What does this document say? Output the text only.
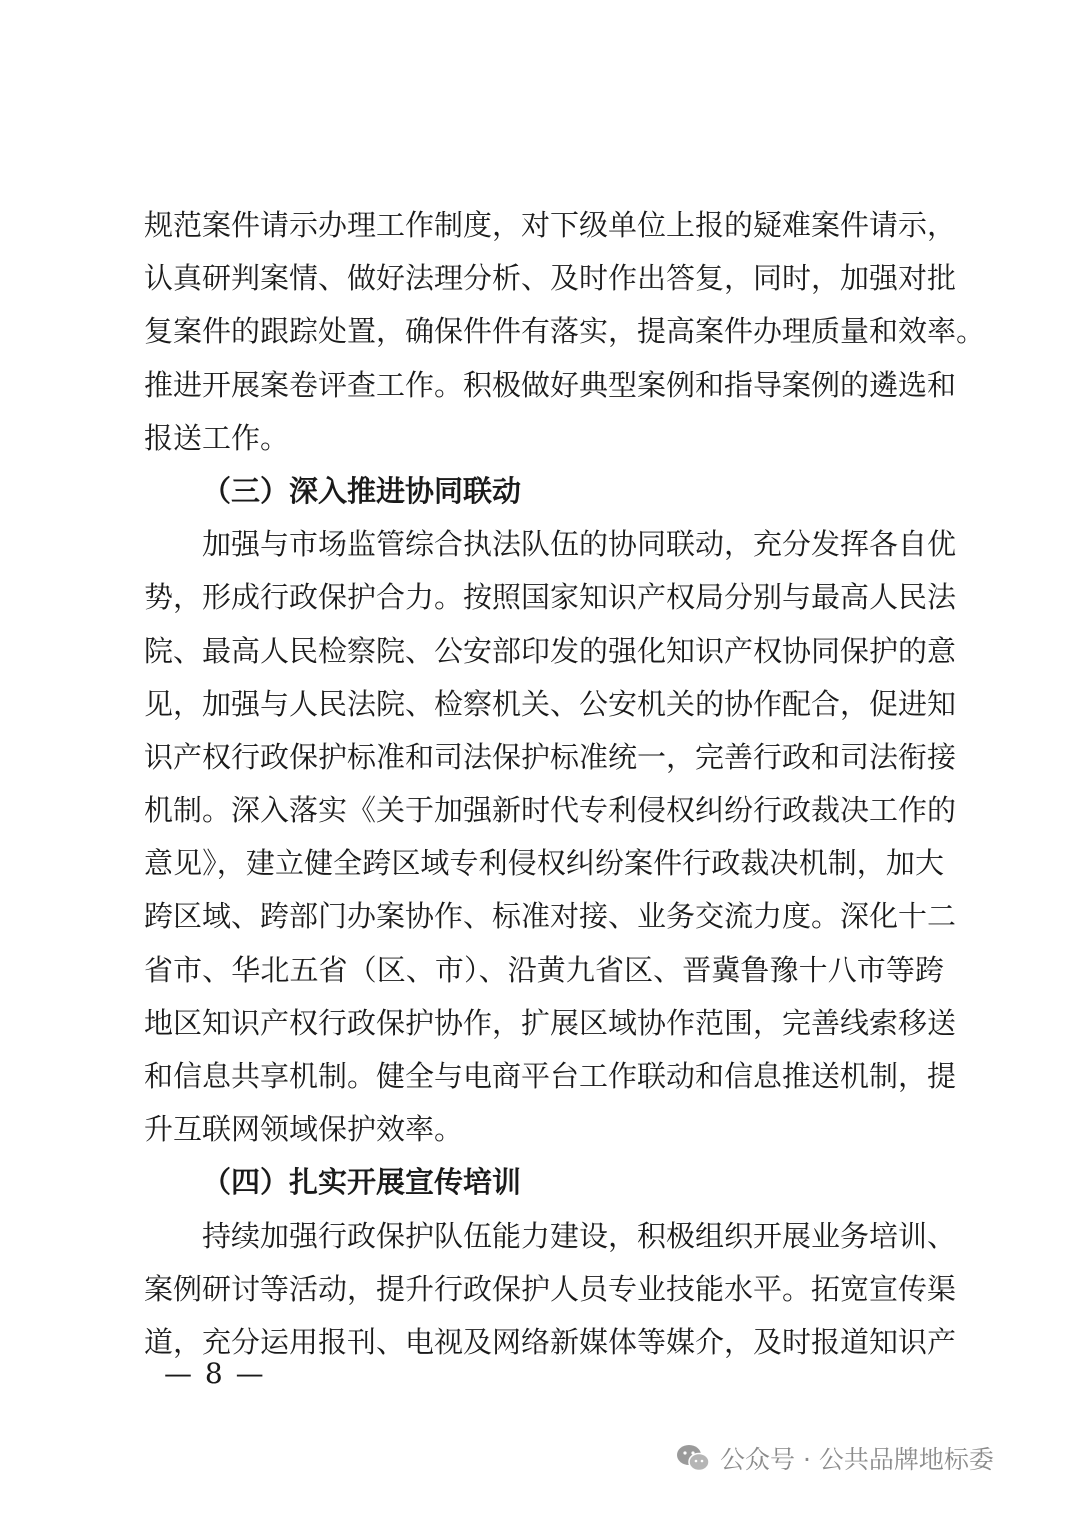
规范案件请示办理工作制度，对下级单位上报的疑难案件请示，
认真研判案情、做好法理分析、及时作出答复，同时，加强对批
复案件的跟踪处置，确保件件有落实，提高案件办理质量和效率。
推进开展案卷评查工作。积极做好典型案例和指导案例的遴选和
报送工作。
（三）深入推进协同联动
加强与市场监管综合执法队伍的协同联动，充分发挥各自优
势，形成行政保护合力。按照国家知识产权局分别与最高人民法
院、最高人民检察院、公安部印发的强化知识产权协同保护的意
见，加强与人民法院、检察机关、公安机关的协作配合，促进知
识产权行政保护标准和司法保护标准统一，完善行政和司法衔接
机制。深入落实《关于加强新时代专利侵权纠纷行政裁决工作的
意见》，建立健全跨区域专利侵权纠纷案件行政裁决机制，加大
跨区域、跨部门办案协作、标准对接、业务交流力度。深化十二
省市、华北五省（区、市）、沿黄九省区、晋冀鲁豫十八市等跨
地区知识产权行政保护协作，扩展区域协作范围，完善线索移送
和信息共享机制。健全与电商平台工作联动和信息推送机制，提
升互联网领域保护效率。
（四）扎实开展宣传培训
持续加强行政保护队伍能力建设，积极组织开展业务培训、
案例研讨等活动，提升行政保护人员专业技能水平。拓宽宣传渠
道，充分运用报刊、电视及网络新媒体等媒介，及时报道知识产
— 8 —
公众号 · 公共品牌地标委
